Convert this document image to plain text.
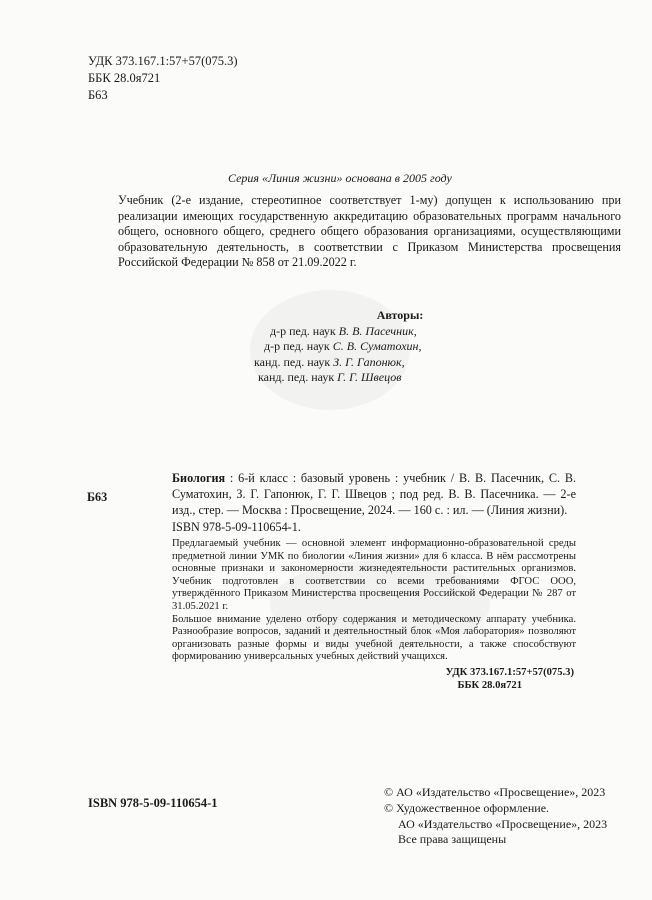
УДК 373.167.1:57+57(075.3)
ББК 28.0я721
Б63
Серия «Линия жизни» основана в 2005 году
Учебник (2-е издание, стереотипное соответствует 1-му) допущен к использованию при реализации имеющих государственную аккредитацию образовательных программ начального общего, основного общего, среднего общего образования организациями, осуществляющими образовательную деятельность, в соответствии с Приказом Министерства просвещения Российской Федерации № 858 от 21.09.2022 г.
Авторы:
д-р пед. наук В. В. Пасечник,
д-р пед. наук С. В. Суматохин,
канд. пед. наук З. Г. Гапонюк,
канд. пед. наук Г. Г. Швецов
Б63
Биология : 6-й класс : базовый уровень : учебник / В. В. Пасечник, С. В. Суматохин, З. Г. Гапонюк, Г. Г. Швецов ; под ред. В. В. Пасечника. — 2-е изд., стер. — Москва : Просвещение, 2024. — 160 с. : ил. — (Линия жизни).
ISBN 978-5-09-110654-1.

Предлагаемый учебник — основной элемент информационно-образовательной среды предметной линии УМК по биологии «Линия жизни» для 6 класса. В нём рассмотрены основные признаки и закономерности жизнедеятельности растительных организмов. Учебник подготовлен в соответствии со всеми требованиями ФГОС ООО, утверждённого Приказом Министерства просвещения Российской Федерации № 287 от 31.05.2021 г.

Большое внимание уделено отбору содержания и методическому аппарату учебника. Разнообразие вопросов, заданий и деятельностный блок «Моя лаборатория» позволяют организовать разные формы и виды учебной деятельности, а также способствуют формированию универсальных учебных действий учащихся.

УДК 373.167.1:57+57(075.3)
ББК 28.0я721
ISBN 978-5-09-110654-1
© АО «Издательство «Просвещение», 2023
© Художественное оформление.
АО «Издательство «Просвещение», 2023
Все права защищены
